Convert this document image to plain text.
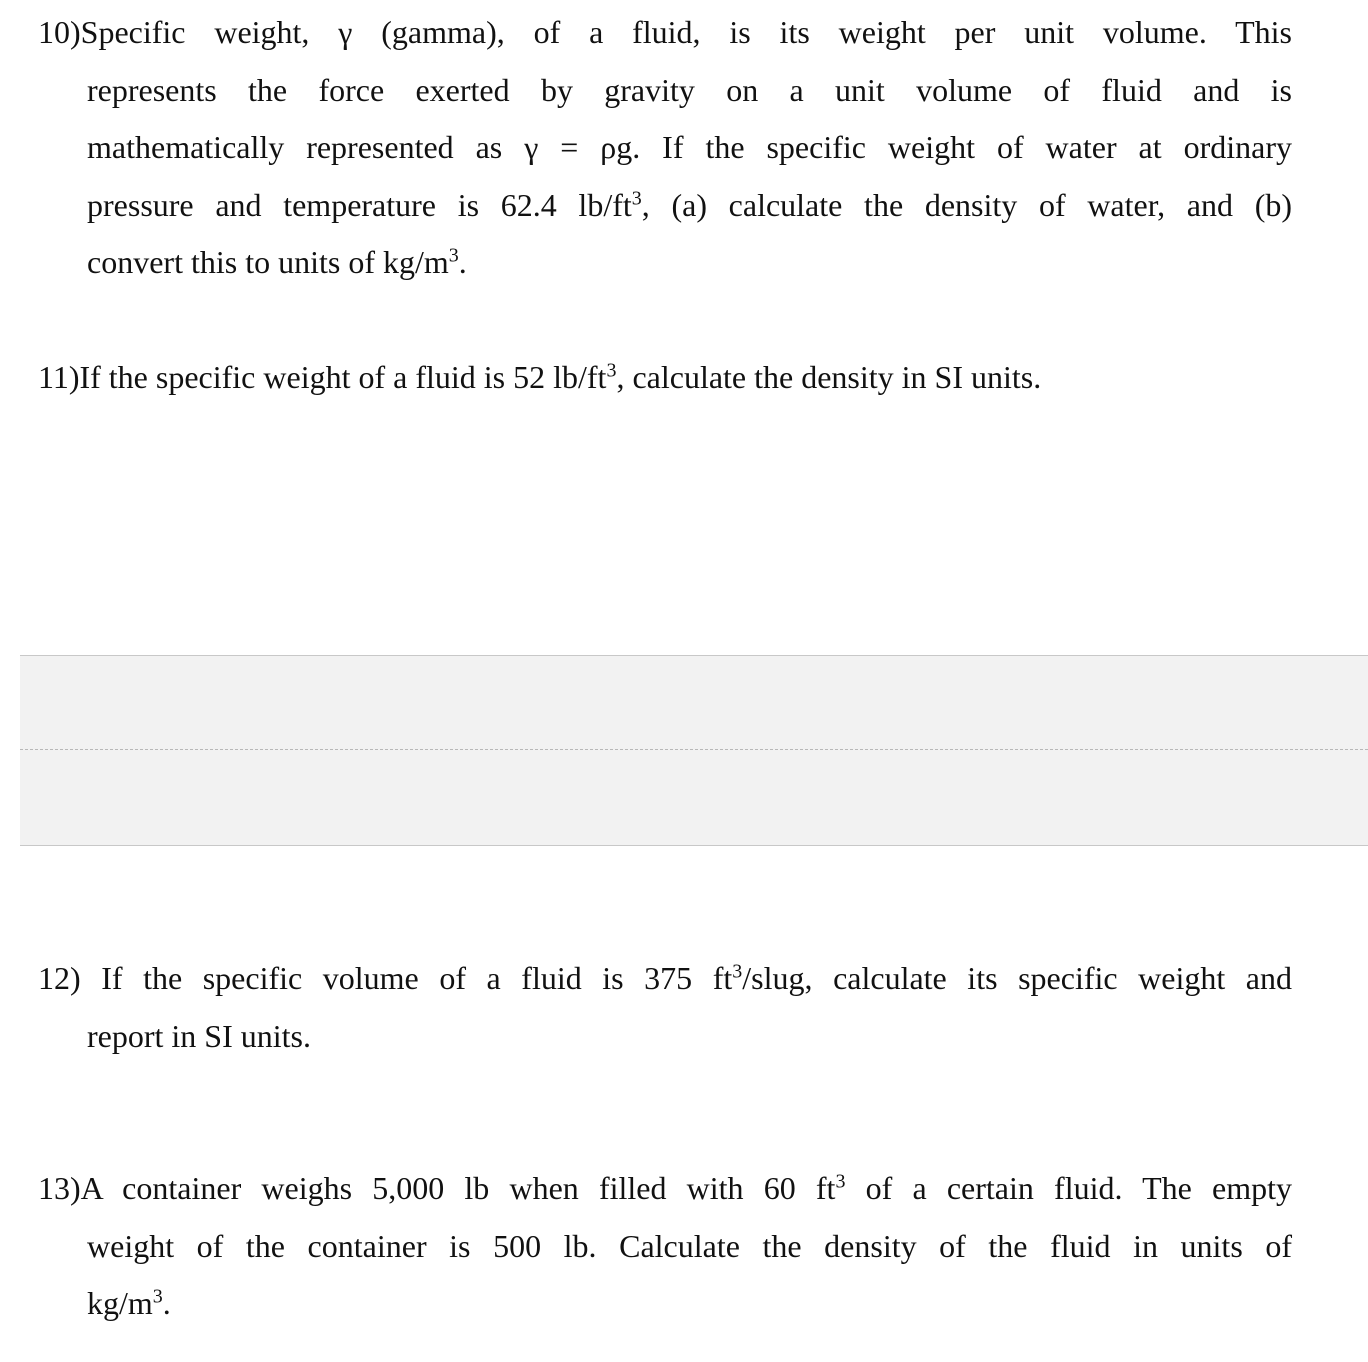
10)Specific weight, γ (gamma), of a fluid, is its weight per unit volume. This
represents the force exerted by gravity on a unit volume of fluid and is
mathematically represented as γ = ρg. If the specific weight of water at ordinary
pressure and temperature is 62.4 $lb/ft^3$, (a) calculate the density of water, and (b)
convert this to units of $kg/m^3$.
11)If the specific weight of a fluid is 52 $lb/ft^3$, calculate the density in SI units.
12) If the specific volume of a fluid is 375 $ft^3$/slug, calculate its specific weight and
report in SI units.
13)A container weighs 5,000 lb when filled with 60 $ft^3$ of a certain fluid. The empty
weight of the container is 500 lb. Calculate the density of the fluid in units of
$kg/m^3$.
